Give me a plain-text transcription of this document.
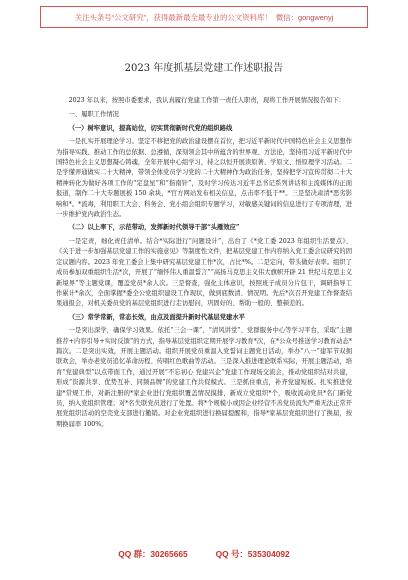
关注头条号“公文研究”，获得最新最全最专业的公文资料库！ 微信：gongwenyj
2023 年度抓基层党建工作述职报告

2023 年以来，按照市委要求，我认真履行党建工作第一责任人职责，现将工作开展情况报告如下：

一、履职工作情况

（一）树牢意识，提高站位，切实贯彻新时代党的组织路线

一是扎实开展理论学习。坚定不移把党的政治建设摆在首位，把习近平新时代中国特色社会主义思想作为指导实践、推动工作的总依据、总遵循，深刻领会其中所蕴含的世界观、方法论，坚持用习近平新时代中国特色社会主义思想凝心铸魂，全年开展中心组学习，持之以恒开展读原著、学原文、悟原理学习活动。二是学懂弄通做实二十大精神，带领全体党员学习党的二十大精神作为政治任务，坚持把学习宣传贯彻二十大精神转化为做好各项工作的“定盘星”和“指南针”，及时学习传达习近平总书记系列讲话和主流媒体的正面报道，制作二十大专题展板 150 余块，*官方网站发布相关信息，点击率不低于**。三是坚决肃清*恶劣影响和*。*流毒，利用职工大会、科务会、党小组会组织专题学习，对敏感关键词的信息进行了专项清理，进一步维护党内政治生态。

（二）以上率下，示范带动，发挥新时代领导干部“头雁效应”

一是定责，细化责任清单。结合*实际进行“问题设计”，出台了《*党工委 2023 年组织生活要点》、《关于进一步加强基层党建工作的实施意见》等制度性文件，把基层党建工作内容纳入党工委会议研究的固定议题内容。2023 年党工委会上集中研究基层党建工作*次，占比*%。二是定向，带头做好表率。组织了成员参加双重组织生活*次，开展了“缅怀伟人重温誓言”“高扬马克思主义伟大旗帜开辟 21 世纪马克思主义新境界”等主题党课，覆盖党员*余人次。三是督查，强化主体意识，按照班子成员分片包干，调研指导工作累计*余次，全面掌握*委全公党组织建设工作现状，做到底数清、情况明。先后*次召开党建工作督查结果通报会，对机关委员党的基层党组织进行走访慰问，巩固好的、帮助一般的、整顿差的。

（三）常学常新，常态长效，由点及面提升新时代基层党建水平

一是突出深学，确保学习效果。依托“三会一课”、“清风讲堂”、党群服务中心等学习平台，采取“主题推荐+内容引导+实时反馈”的方式，指导基层党组织定期开展学习教育*次，在*公众号推送学习教育动态*篇次。二是突出实效，开展主题活动。组织开展党员重温入党誓词主题党日活动，举办“八一”建军节双拥联欢会，举办老党员追忆革命历程、传唱红色歌曲等活动。三是深入推进理论联系实际，开展主题活动，培育“党建典型”以点带面工作，通过开展“不忘初心 党建兴企”党建工作现场交流会，推动党组织结对共建，形成“资源共享、优势互补、同频品牌”的党建工作共促模式。三是抓住重点，补齐党建短板。扎实推进党建*常规工作，对新注册的*家企业进行党组织覆盖情况摸排，新成立党组织*个，吸收流动党员*名门新党员，纳入党组织管理；对*名失联党员进行了处置。将*个规模小或因企业经营不善党员流失严重无法正常开展党组织活动的空壳党支部进行撤销。对企业党组织进行换届提醒和，指导*家基层党组织进行了换届，按期换届率 100%。

QQ 群：30265665	QQ 号：535304092
